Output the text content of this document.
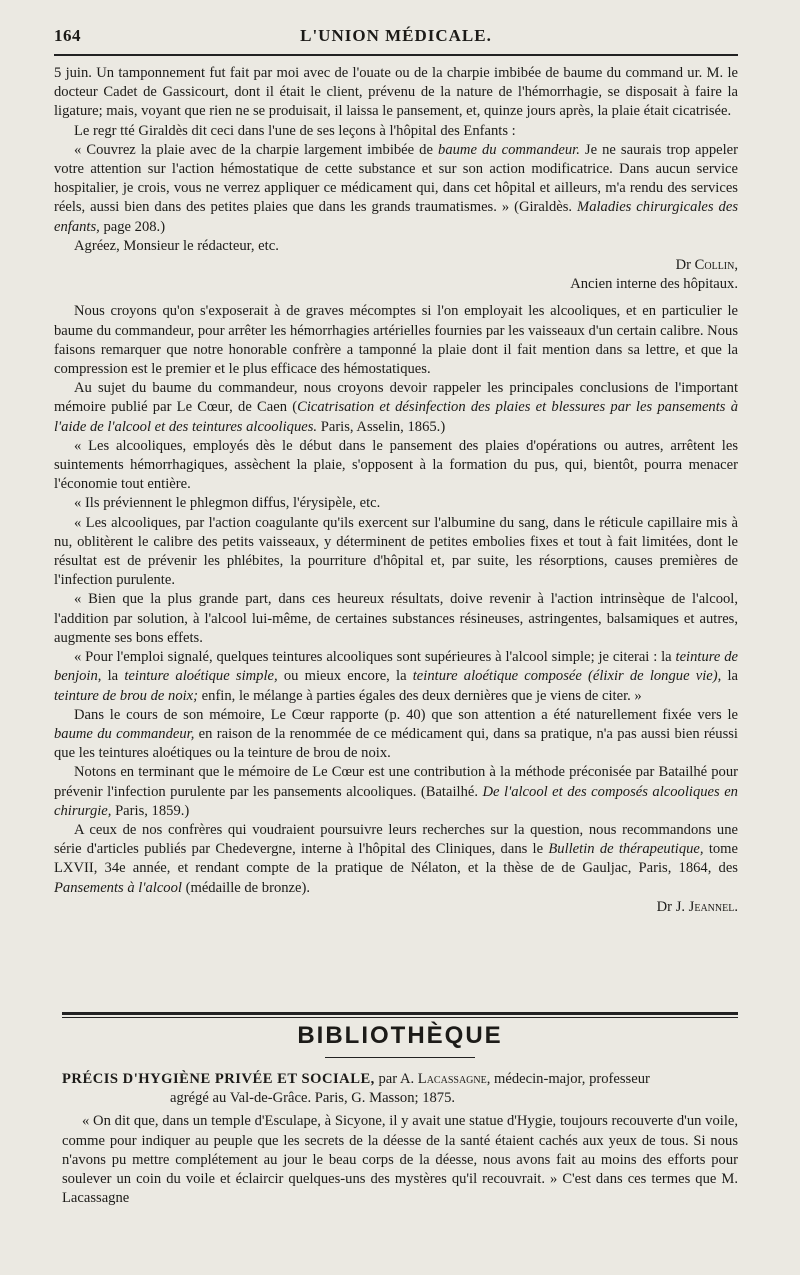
164	L'UNION MÉDICALE.

5 juin. Un tamponnement fut fait par moi avec de l'ouate ou de la charpie imbibée de baume du command ur. M. le docteur Cadet de Gassicourt, dont il était le client, prévenu de la nature de l'hémorrhagie, se disposait à faire la ligature; mais, voyant que rien ne se produisait, il laissa le pansement, et, quinze jours après, la plaie était cicatrisée.

Le regr tté Giraldès dit ceci dans l'une de ses leçons à l'hôpital des Enfants :

« Couvrez la plaie avec de la charpie largement imbibée de baume du commandeur. Je ne saurais trop appeler votre attention sur l'action hémostatique de cette substance et sur son action modificatrice. Dans aucun service hospitalier, je crois, vous ne verrez appliquer ce médicament qui, dans cet hôpital et ailleurs, m'a rendu des services réels, aussi bien dans des petites plaies que dans les grands traumatismes. » (Giraldès. Maladies chirurgicales des enfants, page 208.)

Agréez, Monsieur le rédacteur, etc.

Dr Collin,

Ancien interne des hôpitaux.

Nous croyons qu'on s'exposerait à de graves mécomptes si l'on employait les alcooliques, et en particulier le baume du commandeur, pour arrêter les hémorrhagies artérielles fournies par les vaisseaux d'un certain calibre. Nous faisons remarquer que notre honorable confrère a tamponné la plaie dont il fait mention dans sa lettre, et que la compression est le premier et le plus efficace des hémostatiques.

Au sujet du baume du commandeur, nous croyons devoir rappeler les principales conclusions de l'important mémoire publié par Le Cœur, de Caen (Cicatrisation et désinfection des plaies et blessures par les pansements à l'aide de l'alcool et des teintures alcooliques. Paris, Asselin, 1865.)

« Les alcooliques, employés dès le début dans le pansement des plaies d'opérations ou autres, arrêtent les suintements hémorrhagiques, assèchent la plaie, s'opposent à la formation du pus, qui, bientôt, pourra menacer l'économie tout entière.

« Ils préviennent le phlegmon diffus, l'érysipèle, etc.

« Les alcooliques, par l'action coagulante qu'ils exercent sur l'albumine du sang, dans le réticule capillaire mis à nu, oblitèrent le calibre des petits vaisseaux, y déterminent de petites embolies fixes et tout à fait limitées, dont le résultat est de prévenir les phlébites, la pourriture d'hôpital et, par suite, les résorptions, causes premières de l'infection purulente.

« Bien que la plus grande part, dans ces heureux résultats, doive revenir à l'action intrinsèque de l'alcool, l'addition par solution, à l'alcool lui-même, de certaines substances résineuses, astringentes, balsamiques et autres, augmente ses bons effets.

« Pour l'emploi signalé, quelques teintures alcooliques sont supérieures à l'alcool simple; je citerai : la teinture de benjoin, la teinture aloétique simple, ou mieux encore, la teinture aloétique composée (élixir de longue vie), la teinture de brou de noix; enfin, le mélange à parties égales des deux dernières que je viens de citer. »

Dans le cours de son mémoire, Le Cœur rapporte (p. 40) que son attention a été naturellement fixée vers le baume du commandeur, en raison de la renommée de ce médicament qui, dans sa pratique, n'a pas aussi bien réussi que les teintures aloétiques ou la teinture de brou de noix.

Notons en terminant que le mémoire de Le Cœur est une contribution à la méthode préconisée par Batailhé pour prévenir l'infection purulente par les pansements alcooliques. (Batailhé. De l'alcool et des composés alcooliques en chirurgie, Paris, 1859.)

A ceux de nos confrères qui voudraient poursuivre leurs recherches sur la question, nous recommandons une série d'articles publiés par Chedevergne, interne à l'hôpital des Cliniques, dans le Bulletin de thérapeutique, tome LXVII, 34e année, et rendant compte de la pratique de Nélaton, et la thèse de de Gauljac, Paris, 1864, des Pansements à l'alcool (médaille de bronze).

Dr J. Jeannel.

BIBLIOTHÈQUE

PRÉCIS D'HYGIÈNE PRIVÉE ET SOCIALE, par A. Lacassagne, médecin-major, professeur
agrégé au Val-de-Grâce. Paris, G. Masson; 1875.

« On dit que, dans un temple d'Esculape, à Sicyone, il y avait une statue d'Hygie, toujours recouverte d'un voile, comme pour indiquer au peuple que les secrets de la déesse de la santé étaient cachés aux yeux de tous. Si nous n'avons pu mettre complétement au jour le beau corps de la déesse, nous avons fait au moins des efforts pour soulever un coin du voile et éclaircir quelques-uns des mystères qu'il recouvrait. » C'est dans ces termes que M. Lacassagne
